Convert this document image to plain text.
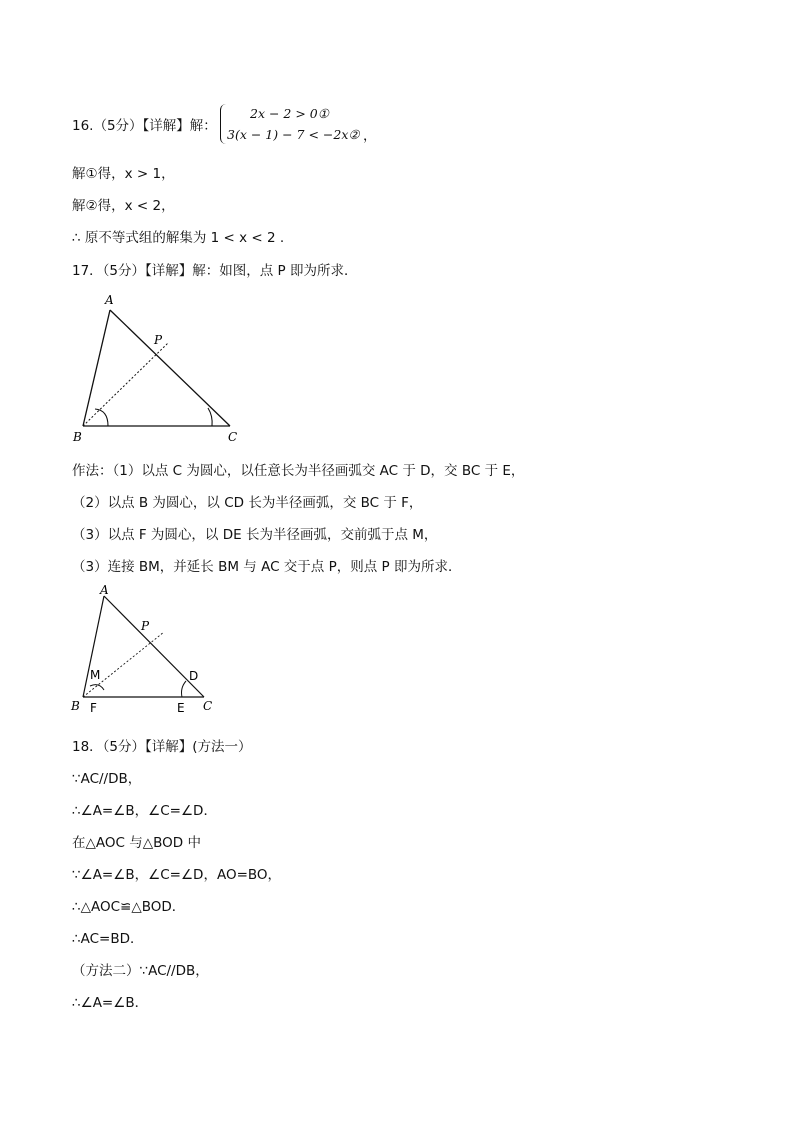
16.（5分）【详解】解：
2x − 2 > 0①
3(x − 1) − 7 < −2x② ，
解①得，x > 1，
解②得，x < 2，
∴ 原不等式组的解集为 1 < x < 2 .
17．（5分）【详解】解：如图，点 P 即为所求．
A
P
B	C
作法：（1）以点 C 为圆心，以任意长为半径画弧交 AC 于 D，交 BC 于 E，
（2）以点 B 为圆心，以 CD 长为半径画弧，交 BC 于 F，
（3）以点 F 为圆心，以 DE 长为半径画弧，交前弧于点 M，
（3）连接 BM，并延长 BM 与 AC 交于点 P，则点 P 即为所求．
A
P
M	D
B F	E C
18．（5分）【详解】(方法一）
∵AC//DB，
∴∠A=∠B，∠C=∠D．
在△AOC 与△BOD 中
∵∠A=∠B，∠C=∠D，AO=BO，
∴△AOC≌△BOD．
∴AC=BD．
（方法二）∵AC//DB，
∴∠A=∠B．
